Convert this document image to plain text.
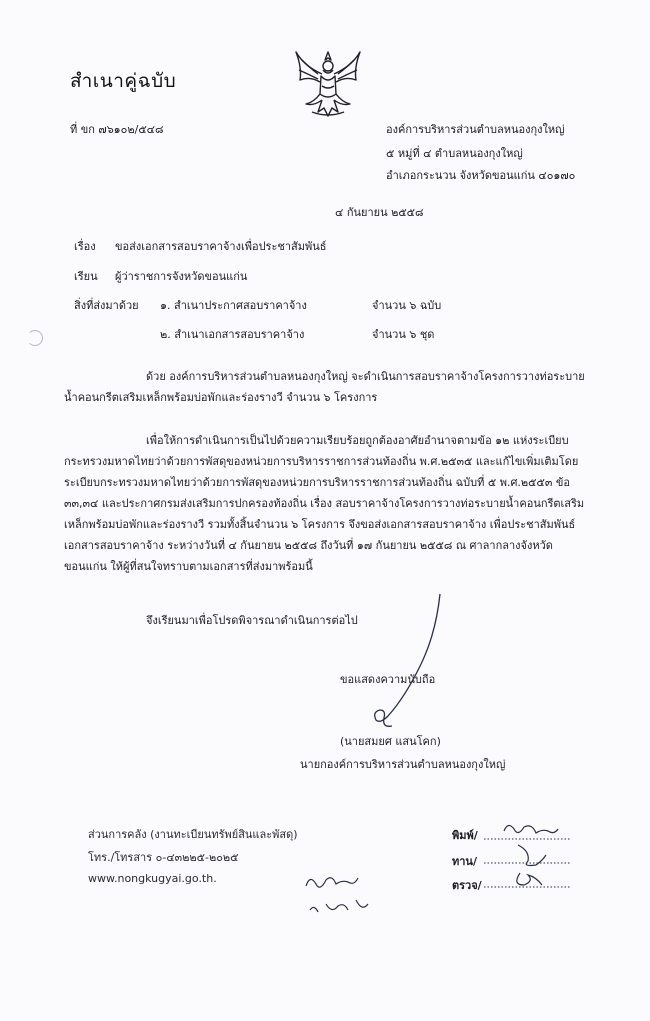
สำเนาคู่ฉบับ
ที่ ขก ๗๖๑๐๒/๕๔๘	องค์การบริหารส่วนตำบลหนองกุงใหญ่
๕ หมู่ที่ ๔ ตำบลหนองกุงใหญ่
อำเภอกระนวน จังหวัดขอนแก่น ๔๐๑๗๐
๔ กันยายน ๒๕๕๘
เรื่อง ขอส่งเอกสารสอบราคาจ้างเพื่อประชาสัมพันธ์
เรียน ผู้ว่าราชการจังหวัดขอนแก่น
สิ่งที่ส่งมาด้วย ๑. สำเนาประกาศสอบราคาจ้าง	จำนวน ๖ ฉบับ
๒. สำเนาเอกสารสอบราคาจ้าง	จำนวน ๖ ชุด
ด้วย องค์การบริหารส่วนตำบลหนองกุงใหญ่ จะดำเนินการสอบราคาจ้างโครงการวางท่อระบาย
น้ำคอนกรีตเสริมเหล็กพร้อมบ่อพักและร่องรางวี จำนวน ๖ โครงการ
เพื่อให้การดำเนินการเป็นไปด้วยความเรียบร้อยถูกต้องอาศัยอำนาจตามข้อ ๑๒ แห่งระเบียบ
กระทรวงมหาดไทยว่าด้วยการพัสดุของหน่วยการบริหารราชการส่วนท้องถิ่น พ.ศ.๒๕๓๕ และแก้ไขเพิ่มเติมโดย
ระเบียบกระทรวงมหาดไทยว่าด้วยการพัสดุของหน่วยการบริหารราชการส่วนท้องถิ่น ฉบับที่ ๕ พ.ศ.๒๕๕๓ ข้อ
๓๓,๓๔ และประกาศกรมส่งเสริมการปกครองท้องถิ่น เรื่อง สอบราคาจ้างโครงการวางท่อระบายน้ำคอนกรีตเสริม
เหล็กพร้อมบ่อพักและร่องรางวี รวมทั้งสิ้นจำนวน ๖ โครงการ จึงขอส่งเอกสารสอบราคาจ้าง เพื่อประชาสัมพันธ์
เอกสารสอบราคาจ้าง ระหว่างวันที่ ๔ กันยายน ๒๕๕๘ ถึงวันที่ ๑๗ กันยายน ๒๕๕๘ ณ ศาลากลางจังหวัด
ขอนแก่น ให้ผู้ที่สนใจทราบตามเอกสารที่ส่งมาพร้อมนี้
จึงเรียนมาเพื่อโปรดพิจารณาดำเนินการต่อไป
ขอแสดงความนับถือ
(นายสมยศ แสนโคก)
นายกองค์การบริหารส่วนตำบลหนองกุงใหญ่
ส่วนการคลัง (งานทะเบียนทรัพย์สินและพัสดุ)
โทร./โทรสาร ๐-๔๓๒๒๕-๒๐๒๕
www.nongkugyai.go.th.
พิมพ์/
ทาน/
ตรวจ/
